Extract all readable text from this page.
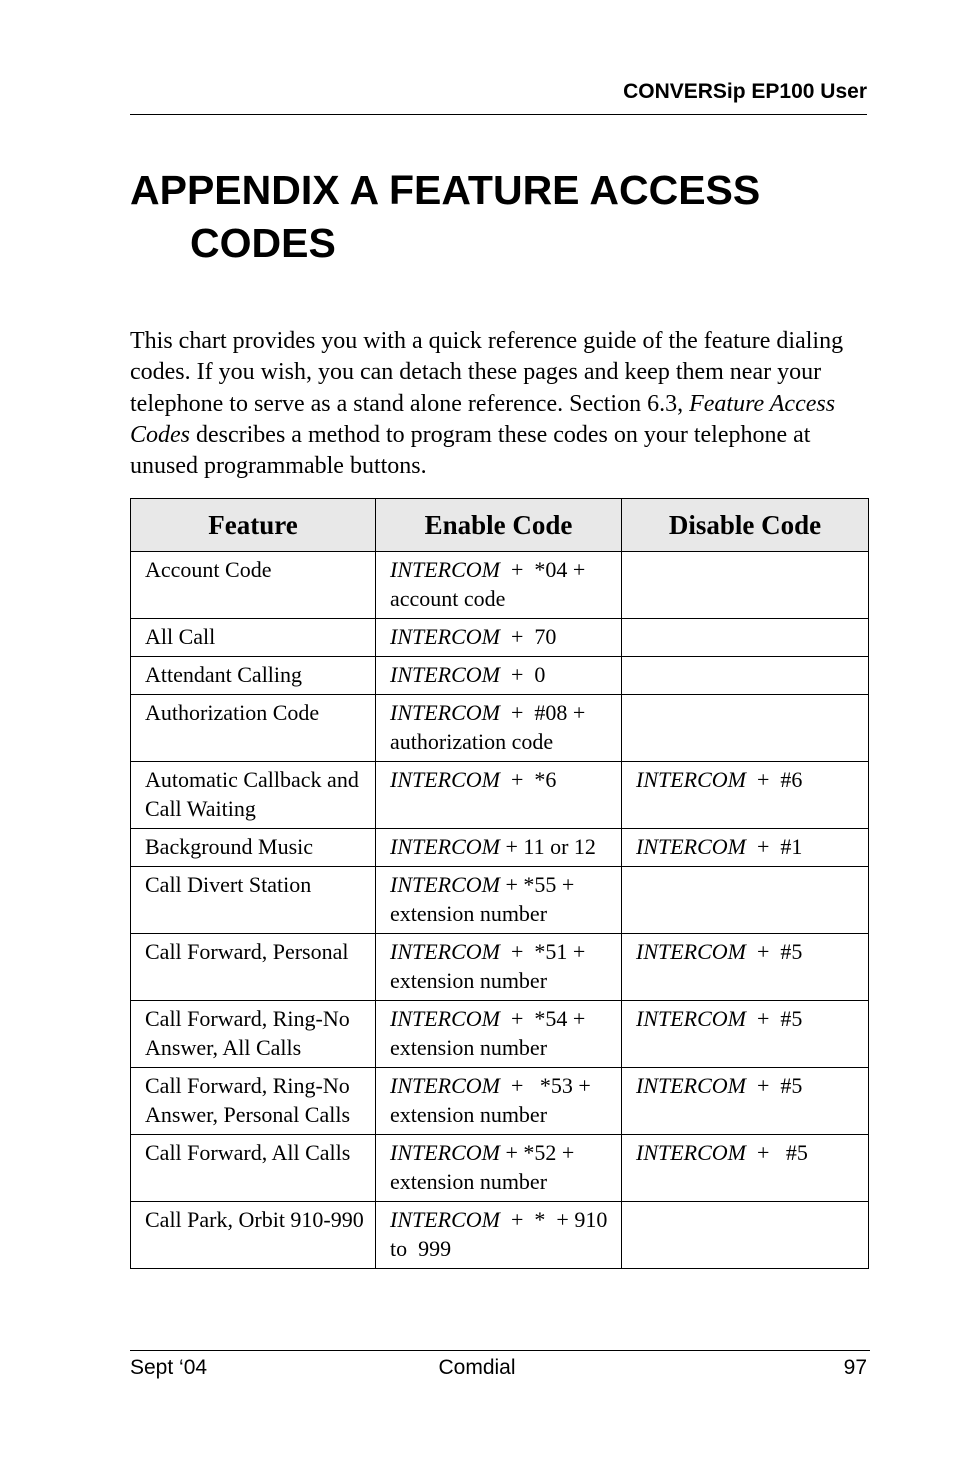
CONVERSip EP100 User
APPENDIX A FEATURE ACCESS
CODES

This chart provides you with a quick reference guide of the feature dialing codes. If you wish, you can detach these pages and keep them near your telephone to serve as a stand alone reference. Section 6.3, Feature Access Codes describes a method to program these codes on your telephone at unused programmable buttons.

Feature	Enable Code	Disable Code
Account Code	INTERCOM  +  *04 + account code	
All Call	INTERCOM  +  70	
Attendant Calling	INTERCOM  +  0	
Authorization Code	INTERCOM  +  #08 + authorization code	
Automatic Callback and Call Waiting	INTERCOM  +  *6	INTERCOM  +  #6
Background Music	INTERCOM + 11 or 12	INTERCOM  +  #1
Call Divert Station	INTERCOM + *55 + extension number	
Call Forward, Personal	INTERCOM  +  *51 + extension number	INTERCOM  +  #5
Call Forward, Ring-No Answer, All Calls	INTERCOM  +  *54 + extension number	INTERCOM  +  #5
Call Forward, Ring-No Answer, Personal Calls	INTERCOM  +   *53 + extension number	INTERCOM  +  #5
Call Forward, All Calls	INTERCOM + *52 + extension number	INTERCOM  +   #5
Call Park, Orbit 910-990	INTERCOM  +  *  + 910  to  999	
Sept ‘04	Comdial	97
